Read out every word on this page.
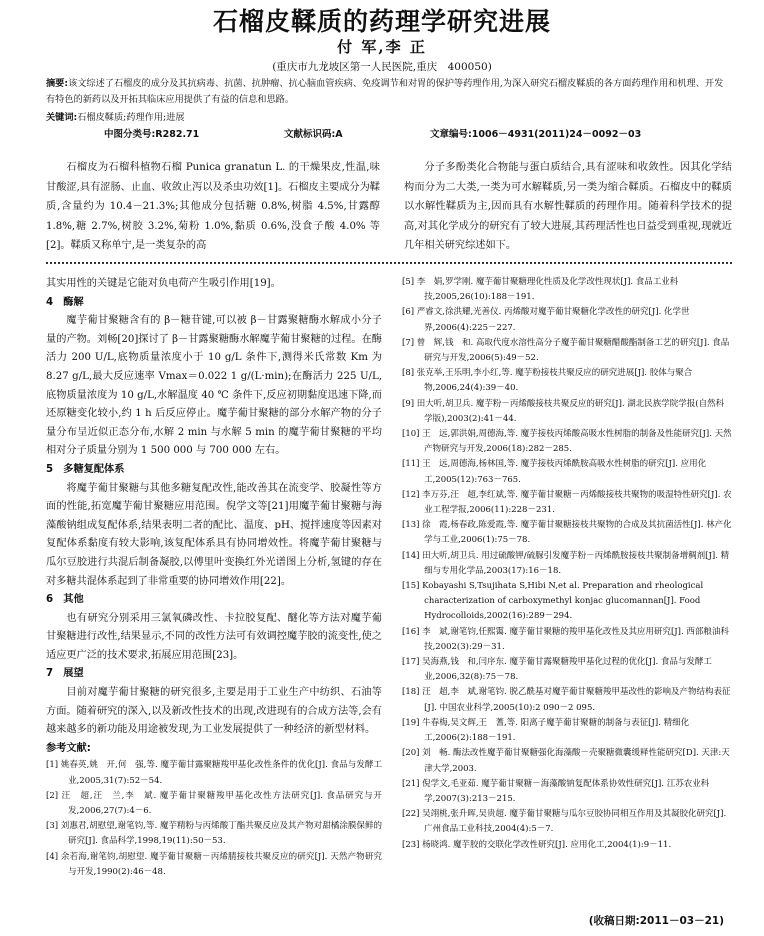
石榴皮鞣质的药理学研究进展
付 军,李 正
(重庆市九龙坡区第一人民医院,重庆　400050)
摘要:该文综述了石榴皮的成分及其抗病毒、抗菌、抗肿瘤、抗心脑血管疾病、免疫调节和对胃的保护等药理作用,为深入研究石榴皮鞣质的各方面药理作用和机理、开发有特色的新药以及开拓其临床应用提供了有益的信息和思路。
关键词:石榴皮鞣质;药理作用;进展
中图分类号:R282.71	文献标识码:A	文章编号:1006－4931(2011)24－0092－03
石榴皮为石榴科植物石榴 Punica granatun L. 的干燥果皮,性温,味甘酸涩,具有涩肠、止血、收敛止泻以及杀虫功效[1]。石榴皮主要成分为鞣质,含量约为 10.4－21.3%;其他成分包括糖 0.8%,树脂 4.5%,甘露醇 1.8%,糖 2.7%,树胶 3.2%,菊粉 1.0%,黏质 0.6%,没食子酸 4.0% 等[2]。鞣质又称单宁,是一类复杂的高
分子多酚类化合物能与蛋白质结合,具有涩味和收敛性。因其化学结构而分为二大类,一类为可水解鞣质,另一类为缩合鞣质。石榴皮中的鞣质以水解性鞣质为主,因而具有水解性鞣质的药理作用。随着科学技术的提高,对其化学成分的研究有了较大进展,其药理活性也日益受到重视,现就近几年相关研究综述如下。

其实用性的关键是它能对负电荷产生吸引作用[19]。

4　酶解

魔芋葡甘聚糖含有的 β－糖苷键,可以被 β－甘露聚糖酶水解成小分子量的产物。刘畅[20]探讨了 β－甘露聚糖酶水解魔芋葡甘聚糖的过程。在酶活力 200 U/L,底物质量浓度小于 10 g/L 条件下,测得米氏常数 Km 为 8.27 g/L,最大反应速率 Vmax＝0.022 1 g/(L·min);在酶活力 225 U/L,底物质量浓度为 10 g/L,水解温度 40 ℃ 条件下,反应初期黏度迅速下降,而还原糖变化较小,约 1 h 后反应停止。魔芋葡甘聚糖的部分水解产物的分子量分布呈近似正态分布,水解 2 min 与水解 5 min 的魔芋葡甘聚糖的平均相对分子质量分别为 1 500 000 与 700 000 左右。

5　多糖复配体系

将魔芋葡甘聚糖与其他多糖复配改性,能改善其在流变学、胶凝性等方面的性能,拓宽魔芋葡甘聚糖应用范围。倪学文等[21]用魔芋葡甘聚糖与海藻酸钠组成复配体系,结果表明二者的配比、温度、pH、搅拌速度等因素对复配体系黏度有较大影响,该复配体系具有协同增效性。将魔芋葡甘聚糖与瓜尔豆胶进行共混后制备凝胶,以傅里叶变换红外光谱图上分析,氢键的存在对多糖共混体系起到了非常重要的协同增效作用[22]。

6　其他

也有研究分别采用三氯氧磷改性、卡拉胶复配、醚化等方法对魔芋葡甘聚糖进行改性,结果显示,不同的改性方法可有效调控魔芋胶的流变性,使之适应更广泛的技术要求,拓展应用范围[23]。

7　展望

目前对魔芋葡甘聚糖的研究很多,主要是用于工业生产中纺织、石油等方面。随着研究的深入,以及新改性技术的出现,改进现有的合成方法等,会有越来越多的新功能及用途被发现,为工业发展提供了一种经济的新型材料。

参考文献:

[1] 姚春英,姚　开,何　强,等. 魔芋葡甘露聚糖羧甲基化改性条件的优化[J]. 食品与发酵工业,2005,31(7):52－54.

[2] 汪　超,汪　兰,李　斌. 魔芋葡甘聚糖羧甲基化改性方法研究[J]. 食品研究与开发,2006,27(7):4－6.

[3] 刘惠君,胡慰望,谢笔钧,等. 魔芋精粉与丙烯酸丁酯共聚反应及其产物对甜橘涂膜保鲜的研究[J]. 食品科学,1998,19(11):50－53.

[4] 余若海,谢笔钧,胡慰望. 魔芋葡甘聚糖－丙烯腈接枝共聚反应的研究[J]. 天然产物研究与开发,1990(2):46－48.

[5] 李　娟,罗学刚. 魔芋葡甘聚糖理化性质及化学改性现状[J]. 食品工业科技,2005,26(10):188－191.

[6] 严睿文,徐洪耀,光善仪. 丙烯酸对魔芋葡甘聚糖化学改性的研究[J]. 化学世界,2006(4):225－227.

[7] 曾　辉,钱　和. 高取代度水溶性高分子魔芋葡甘聚糖醋酸酯制备工艺的研究[J]. 食品研究与开发,2006(5):49－52.

[8] 张克举,王乐明,李小红,等. 魔芋粉接枝共聚反应的研究进展[J]. 胶体与聚合物,2006,24(4):39－40.

[9] 田大听,胡卫兵. 魔芋粉－丙烯酸接枝共聚反应的研究[J]. 湖北民族学院学报(自然科学版),2003(2):41－44.

[10] 王　远,郭洪娟,周德海,等. 魔芋接枝丙烯酸高吸水性树脂的制备及性能研究[J]. 天然产物研究与开发,2006(18):282－285.

[11] 王　远,周德海,杨林国,等. 魔芋接枝丙烯酰胺高吸水性树脂的研究[J]. 应用化工,2005(12):763－765.

[12] 李万芬,汪　超,李红斌,等. 魔芋葡甘聚糖－丙烯酸接枝共聚物的吸湿特性研究[J]. 农业工程学报,2006(11):228－231.

[13] 徐　霞,杨春政,陈爱霞,等. 魔芋葡甘聚糖接枝共聚物的合成及其抗菌活性[J]. 林产化学与工业,2006(1):75－78.

[14] 田大听,胡卫兵. 用过硫酸钾/硫脲引发魔芋粉－丙烯酰胺接枝共聚制备增稠剂[J]. 精细与专用化学品,2003(17):16－18.

[15] Kobayashi S,Tsujihata S,Hibi N,et al. Preparation and rheological characterization of carboxymethyl konjac glucomannan[J]. Food Hydrocolloids,2002(16):289－294.

[16] 李　斌,谢笔钧,任熙霭. 魔芋葡甘聚糖的羧甲基化改性及其应用研究[J]. 西部粮油科技,2002(3):29－31.

[17] 吴海燕,钱　和,闫序东. 魔芋葡甘露聚糖羧甲基化过程的优化[J]. 食品与发酵工业,2006,32(8):75－78.

[18] 汪　超,李　斌,谢笔钧. 脱乙酰基对魔芋葡甘聚糖羧甲基改性的影响及产物结构表征[J]. 中国农业科学,2005(10):2 090－2 095.

[19] 牛春梅,吴文辉,王　蓍,等. 阳离子魔芋葡甘聚糖的制备与表征[J]. 精细化工,2006(2):188－191.

[20] 刘　畅. 酶法改性魔芋葡甘聚糖强化海藻酸－壳聚糖微囊缓释性能研究[D]. 天津:天津大学,2003.

[21] 倪学文,毛亚茹. 魔芋葡甘聚糖－海藻酸钠复配体系协效性研究[J]. 江苏农业科学,2007(3):213－215.

[22] 吴翊桃,张升晖,吴贵超. 魔芋葡甘聚糖与瓜尔豆胶协同相互作用及其凝胶化研究[J]. 广州食品工业科技,2004(4):5－7.

[23] 杨晓鸿. 魔芋胶的交联化学改性研究[J]. 应用化工,2004(1):9－11.

(收稿日期:2011－03－21)
